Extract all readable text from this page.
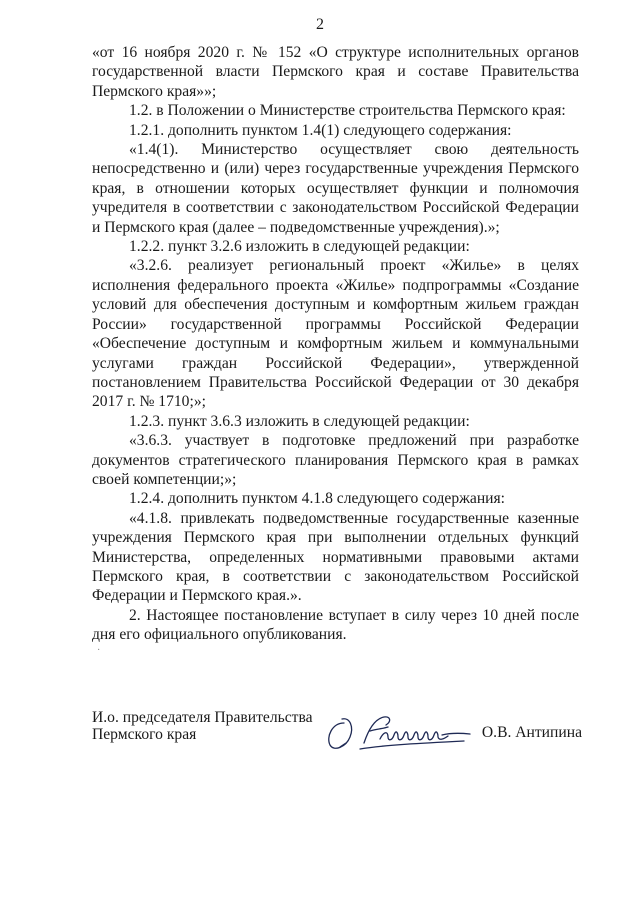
2

«от 16 ноября 2020 г. № 152 «О структуре исполнительных органов государственной власти Пермского края и составе Правительства Пермского края»»;

1.2. в Положении о Министерстве строительства Пермского края:

1.2.1. дополнить пунктом 1.4(1) следующего содержания:

«1.4(1). Министерство осуществляет свою деятельность непосредственно и (или) через государственные учреждения Пермского края, в отношении которых осуществляет функции и полномочия учредителя в соответствии с законодательством Российской Федерации и Пермского края (далее – подведомственные учреждения).»;

1.2.2. пункт 3.2.6 изложить в следующей редакции:

«3.2.6. реализует региональный проект «Жилье» в целях исполнения федерального проекта «Жилье» подпрограммы «Создание условий для обеспечения доступным и комфортным жильем граждан России» государственной программы Российской Федерации «Обеспечение доступным и комфортным жильем и коммунальными услугами граждан Российской Федерации», утвержденной постановлением Правительства Российской Федерации от 30 декабря 2017 г. № 1710;»;

1.2.3. пункт 3.6.3 изложить в следующей редакции:

«3.6.3. участвует в подготовке предложений при разработке документов стратегического планирования Пермского края в рамках своей компетенции;»;

1.2.4. дополнить пунктом 4.1.8 следующего содержания:

«4.1.8. привлекать подведомственные государственные казенные учреждения Пермского края при выполнении отдельных функций Министерства, определенных нормативными правовыми актами Пермского края, в соответствии с законодательством Российской Федерации и Пермского края.».

2. Настоящее постановление вступает в силу через 10 дней после дня его официального опубликования.

·
И.о. председателя Правительства
Пермского края	О.В. Антипина
